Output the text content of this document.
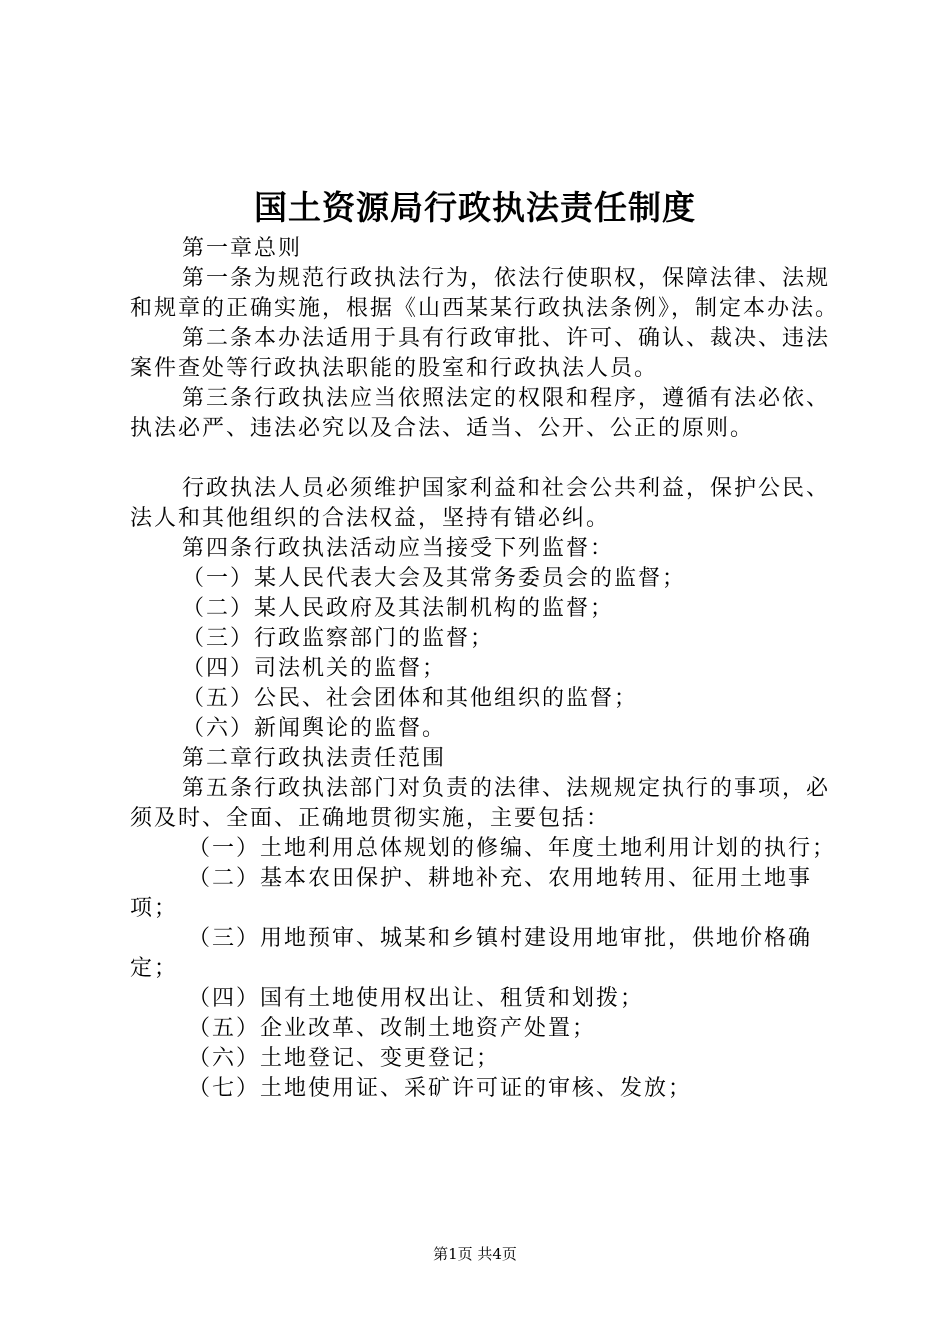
国土资源局行政执法责任制度

第一章总则

第一条为规范行政执法行为，依法行使职权，保障法律、法规和规章的正确实施，根据《山西某某行政执法条例》，制定本办法。

第二条本办法适用于具有行政审批、许可、确认、裁决、违法案件查处等行政执法职能的股室和行政执法人员。

第三条行政执法应当依照法定的权限和程序，遵循有法必依、执法必严、违法必究以及合法、适当、公开、公正的原则。

行政执法人员必须维护国家利益和社会公共利益，保护公民、法人和其他组织的合法权益，坚持有错必纠。

第四条行政执法活动应当接受下列监督：

（一）某人民代表大会及其常务委员会的监督；

（二）某人民政府及其法制机构的监督；

（三）行政监察部门的监督；

（四）司法机关的监督；

（五）公民、社会团体和其他组织的监督；

（六）新闻舆论的监督。

第二章行政执法责任范围

第五条行政执法部门对负责的法律、法规规定执行的事项，必须及时、全面、正确地贯彻实施，主要包括：

（一）土地利用总体规划的修编、年度土地利用计划的执行；

（二）基本农田保护、耕地补充、农用地转用、征用土地事项；

（三）用地预审、城某和乡镇村建设用地审批，供地价格确定；

（四）国有土地使用权出让、租赁和划拨；

（五）企业改革、改制土地资产处置；

（六）土地登记、变更登记；

（七）土地使用证、采矿许可证的审核、发放；

第1页 共4页
